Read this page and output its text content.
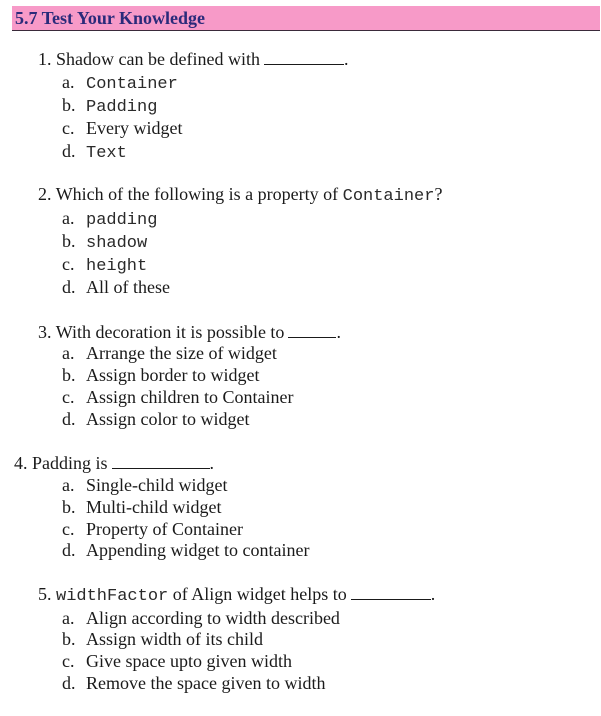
5.7 Test Your Knowledge
1. Shadow can be defined with	.
a. Container
b. Padding
c. Every widget
d. Text
2. Which of the following is a property of Container?
a. padding
b. shadow
c. height
d. All of these
3. With decoration it is possible to	.
a. Arrange the size of widget
b. Assign border to widget
c. Assign children to Container
d. Assign color to widget
4. Padding is	.
a. Single-child widget
b. Multi-child widget
c. Property of Container
d. Appending widget to container
5. widthFactor of Align widget helps to	.
a. Align according to width described
b. Assign width of its child
c. Give space upto given width
d. Remove the space given to width
